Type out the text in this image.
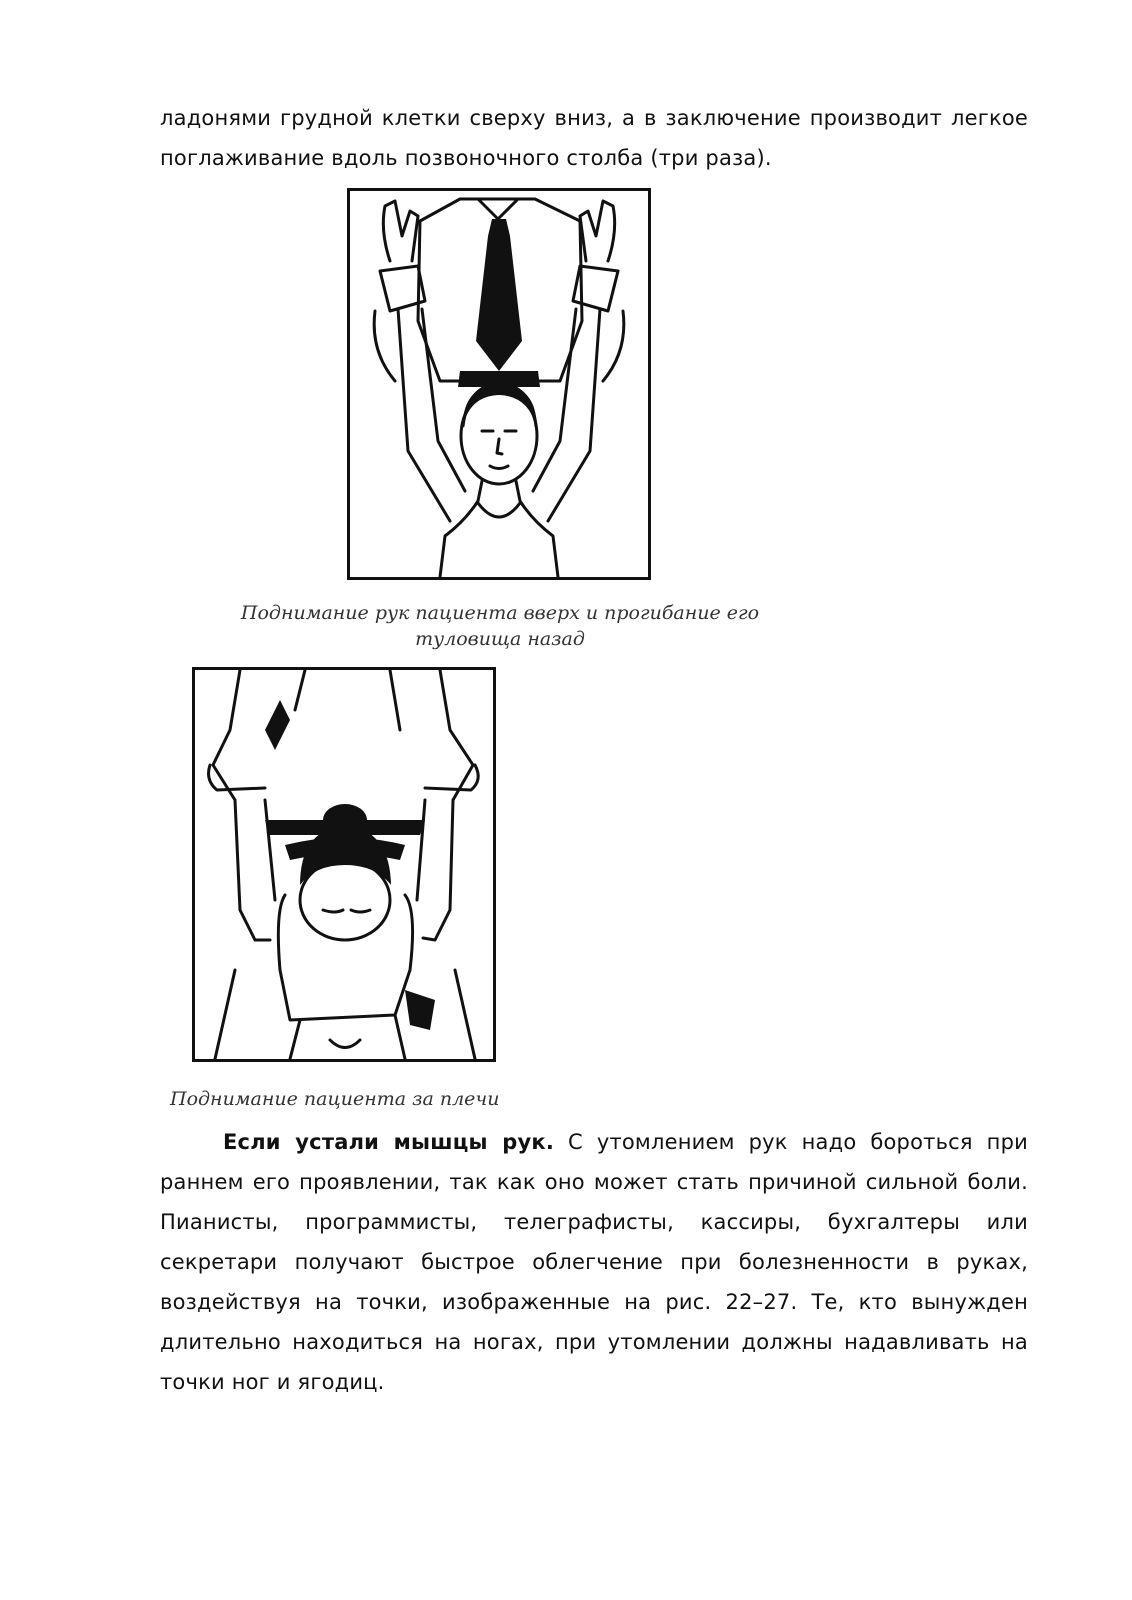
ладонями грудной клетки сверху вниз, а в заключение производит легкое поглаживание вдоль позвоночного столба (три раза).

Поднимание рук пациента вверх и прогибание его
туловища назад

Поднимание пациента за плечи

Если устали мышцы рук. С утомлением рук надо бороться при раннем его проявлении, так как оно может стать причиной сильной боли. Пианисты, программисты, телеграфисты, кассиры, бухгалтеры или секретари получают быстрое облегчение при болезненности в руках, воздействуя на точки, изображенные на рис. 22–27. Те, кто вынужден длительно находиться на ногах, при утомлении должны надавливать на точки ног и ягодиц.
